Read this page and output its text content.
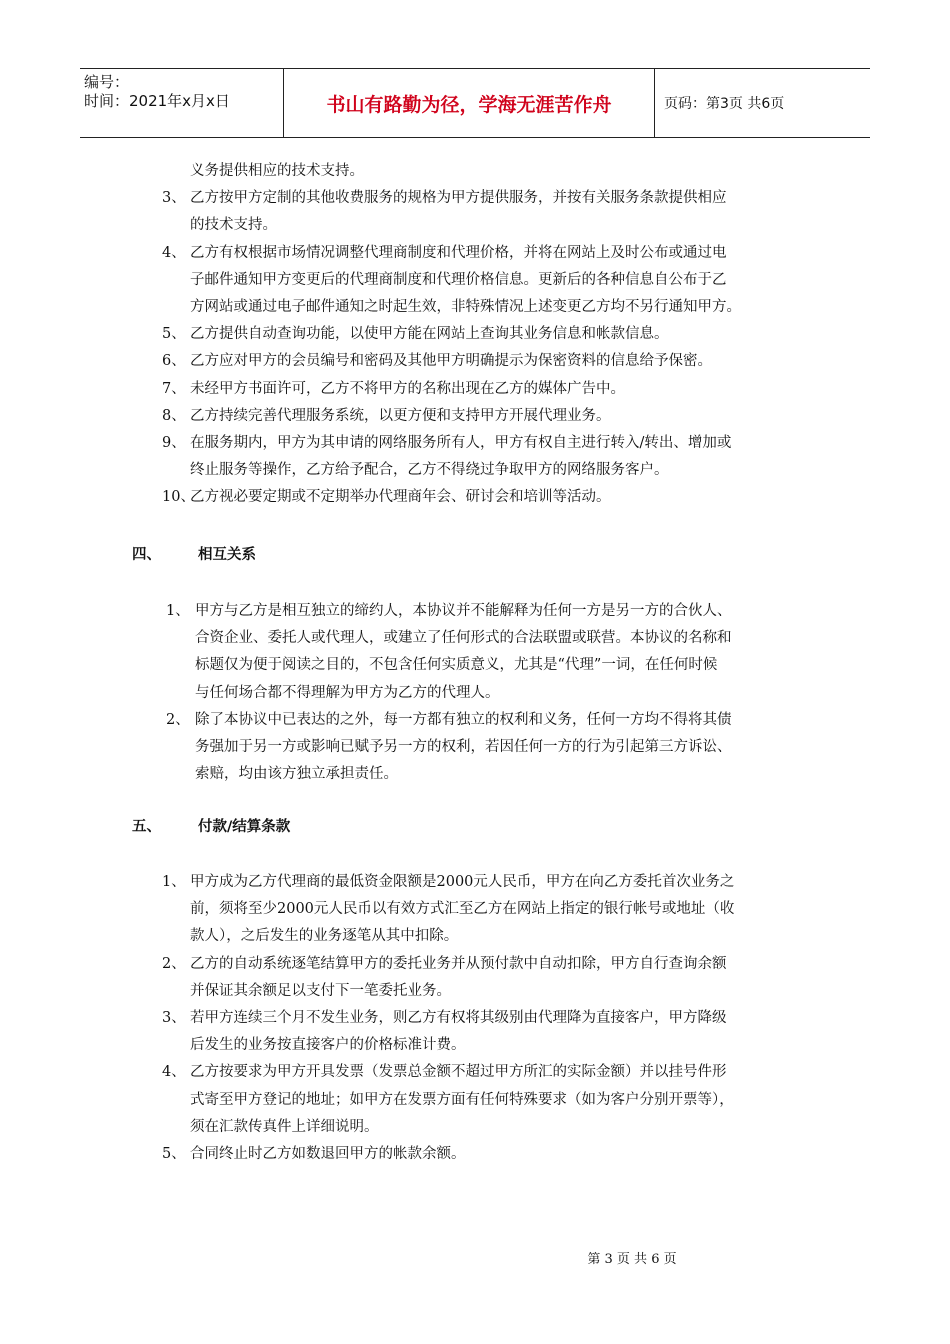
编号：
时间：2021年x月x日	书山有路勤为径，学海无涯苦作舟	页码：第3页 共6页
义务提供相应的技术支持。
3、 乙方按甲方定制的其他收费服务的规格为甲方提供服务，并按有关服务条款提供相应
的技术支持。
4、 乙方有权根据市场情况调整代理商制度和代理价格，并将在网站上及时公布或通过电
子邮件通知甲方变更后的代理商制度和代理价格信息。更新后的各种信息自公布于乙
方网站或通过电子邮件通知之时起生效，非特殊情况上述变更乙方均不另行通知甲方。
5、 乙方提供自动查询功能，以使甲方能在网站上查询其业务信息和帐款信息。
6、 乙方应对甲方的会员编号和密码及其他甲方明确提示为保密资料的信息给予保密。
7、 未经甲方书面许可，乙方不将甲方的名称出现在乙方的媒体广告中。
8、 乙方持续完善代理服务系统，以更方便和支持甲方开展代理业务。
9、 在服务期内，甲方为其申请的网络服务所有人，甲方有权自主进行转入/转出、增加或
终止服务等操作，乙方给予配合，乙方不得绕过争取甲方的网络服务客户。
10、
乙方视必要定期或不定期举办代理商年会、研讨会和培训等活动。
四、	相互关系
1、 甲方与乙方是相互独立的缔约人，本协议并不能解释为任何一方是另一方的合伙人、
合资企业、委托人或代理人，或建立了任何形式的合法联盟或联营。本协议的名称和
标题仅为便于阅读之目的，不包含任何实质意义，尤其是“代理”一词，在任何时候
与任何场合都不得理解为甲方为乙方的代理人。
2、 除了本协议中已表达的之外，每一方都有独立的权利和义务，任何一方均不得将其债
务强加于另一方或影响已赋予另一方的权利，若因任何一方的行为引起第三方诉讼、
索赔，均由该方独立承担责任。
五、	付款/结算条款
1、 甲方成为乙方代理商的最低资金限额是2000元人民币，甲方在向乙方委托首次业务之
前，须将至少2000元人民币以有效方式汇至乙方在网站上指定的银行帐号或地址（收
款人），之后发生的业务逐笔从其中扣除。
2、 乙方的自动系统逐笔结算甲方的委托业务并从预付款中自动扣除，甲方自行查询余额
并保证其余额足以支付下一笔委托业务。
3、 若甲方连续三个月不发生业务，则乙方有权将其级别由代理降为直接客户，甲方降级
后发生的业务按直接客户的价格标准计费。
4、 乙方按要求为甲方开具发票（发票总金额不超过甲方所汇的实际金额）并以挂号件形
式寄至甲方登记的地址；如甲方在发票方面有任何特殊要求（如为客户分别开票等），
须在汇款传真件上详细说明。
5、 合同终止时乙方如数退回甲方的帐款余额。
第 3 页 共 6 页
